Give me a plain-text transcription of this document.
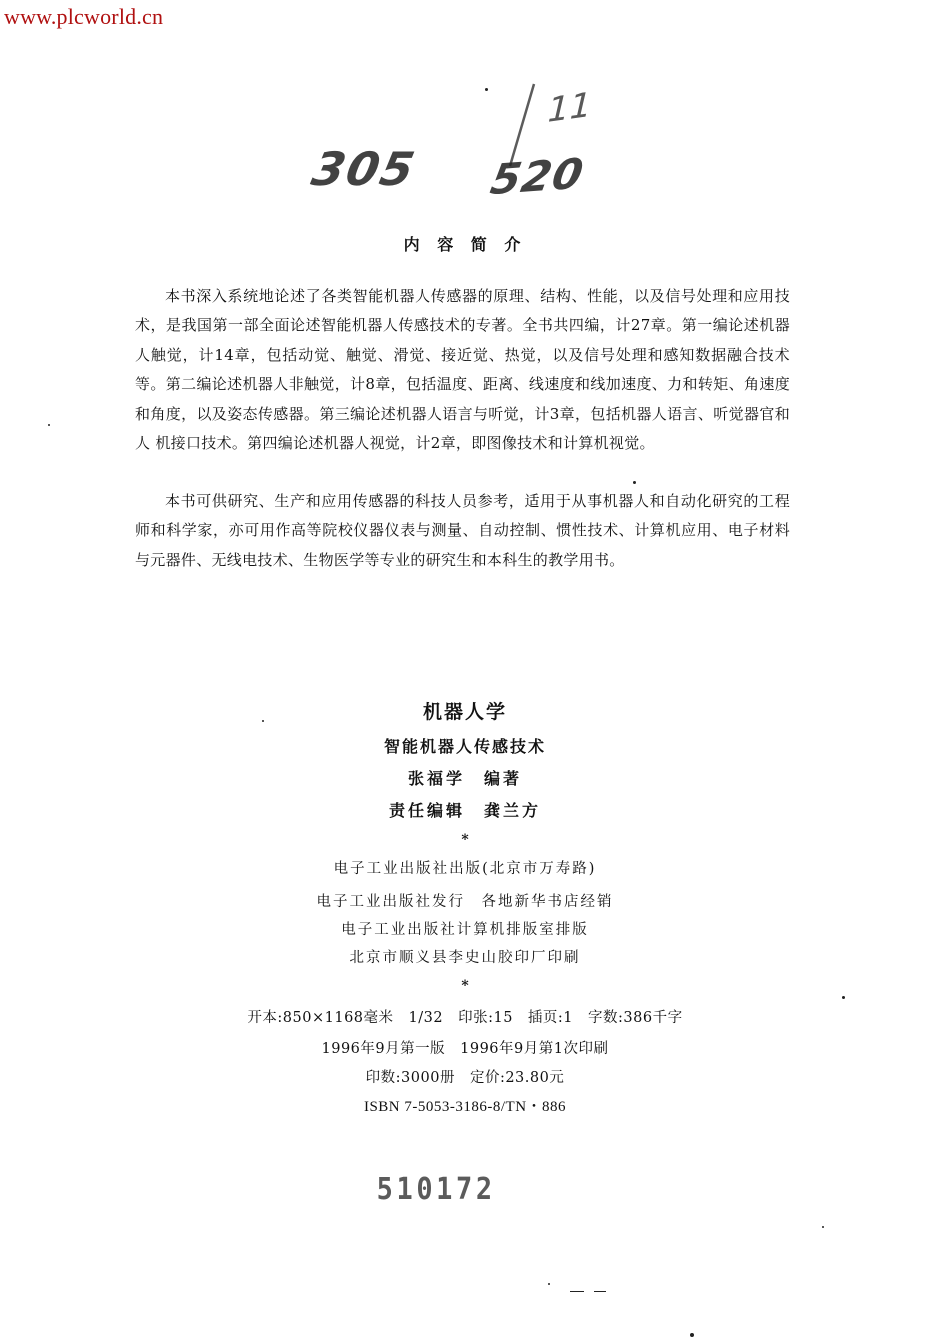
www.plcworld.cn
11
305 520
内 容 简 介

本书深入系统地论述了各类智能机器人传感器的原理、结构、性能，以及信号处理和应用技术，是我国第一部全面论述智能机器人传感技术的专著。全书共四编，计27章。第一编论述机器人触觉，计14章，包括动觉、触觉、滑觉、接近觉、热觉，以及信号处理和感知数据融合技术等。第二编论述机器人非触觉，计8章，包括温度、距离、线速度和线加速度、力和转矩、角速度和角度，以及姿态传感器。第三编论述机器人语言与听觉，计3章，包括机器人语言、听觉器官和人 机接口技术。第四编论述机器人视觉，计2章，即图像技术和计算机视觉。

本书可供研究、生产和应用传感器的科技人员参考，适用于从事机器人和自动化研究的工程师和科学家，亦可用作高等院校仪器仪表与测量、自动控制、惯性技术、计算机应用、电子材料与元器件、无线电技术、生物医学等专业的研究生和本科生的教学用书。

机器人学
智能机器人传感技术
张福学　编著
责任编辑　龚兰方
*
电子工业出版社出版(北京市万寿路)
电子工业出版社发行　各地新华书店经销
电子工业出版社计算机排版室排版
北京市顺义县李史山胶印厂印刷
*
开本:850×1168毫米　1/32　印张:15　插页:1　字数:386千字
1996年9月第一版　1996年9月第1次印刷
印数:3000册　定价:23.80元
ISBN 7-5053-3186-8/TN・886
510172
